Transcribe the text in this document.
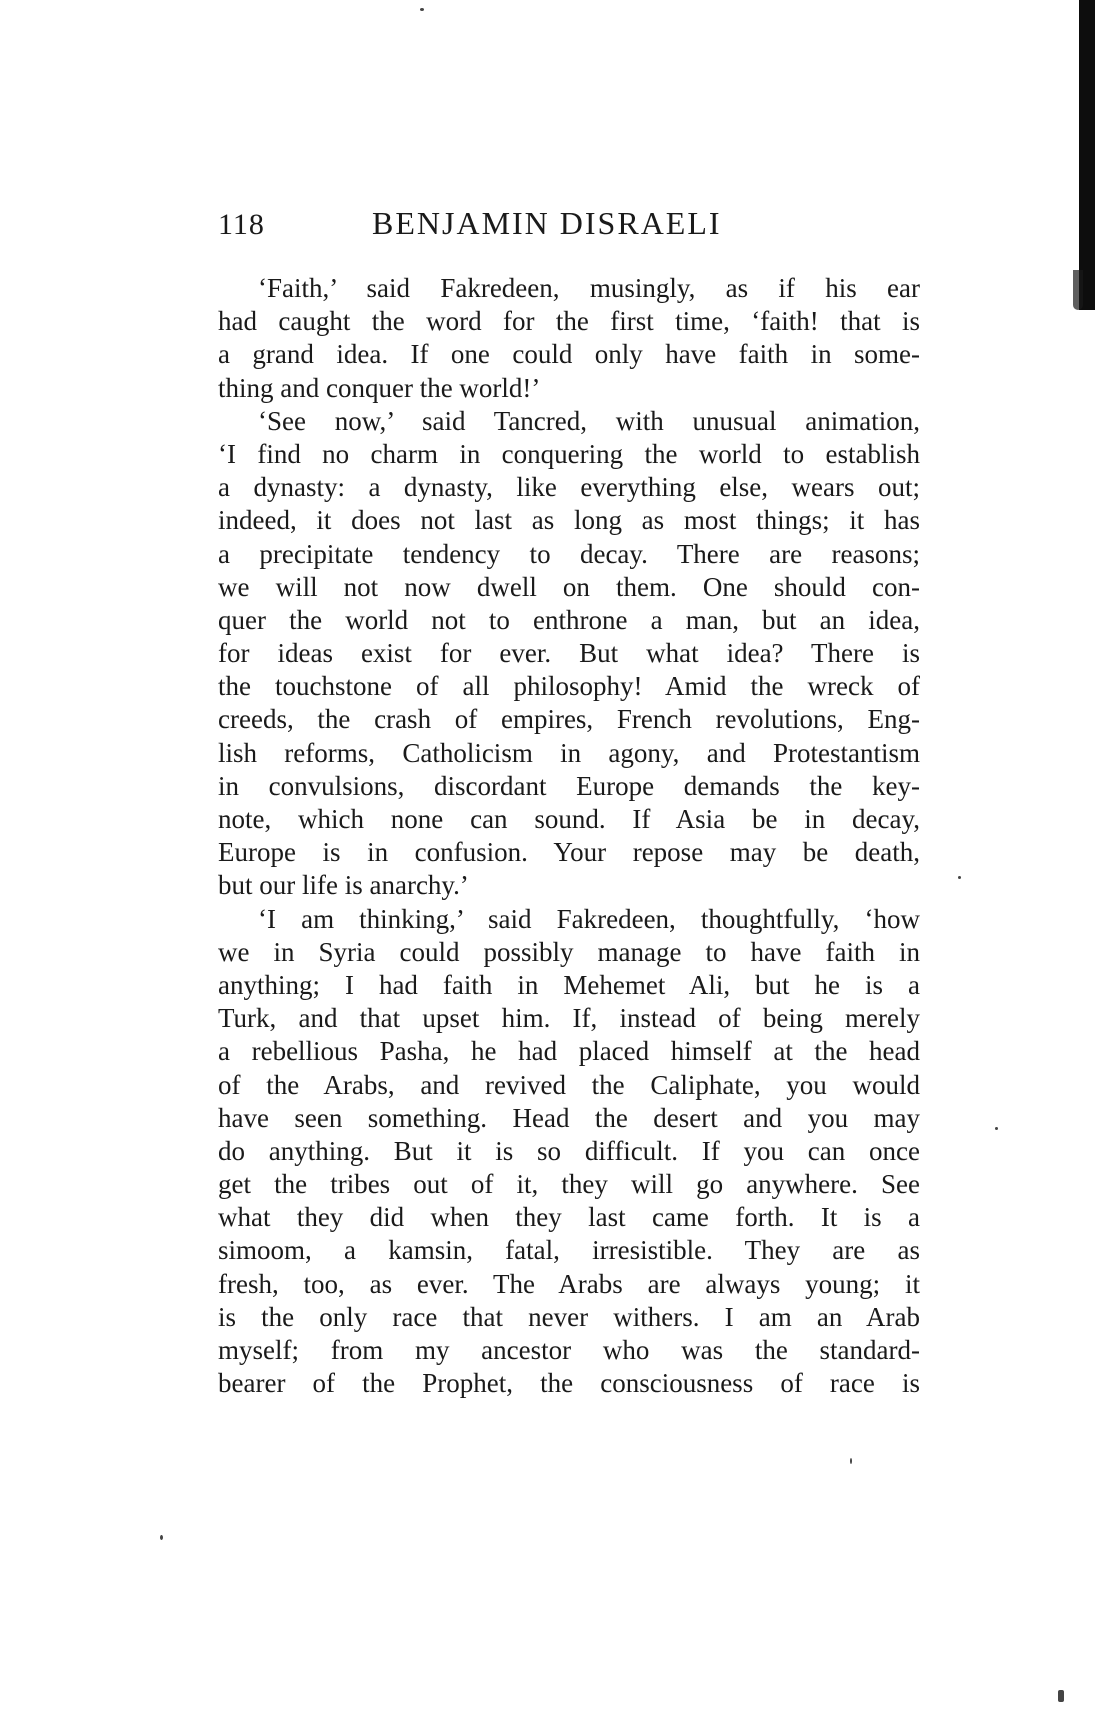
118	BENJAMIN DISRAELI
‘Faith,’ said Fakredeen, musingly, as if his ear
had caught the word for the first time, ‘faith! that is
a grand idea. If one could only have faith in some-
thing and conquer the world!’
‘See now,’ said Tancred, with unusual animation,
‘I find no charm in conquering the world to establish
a dynasty: a dynasty, like everything else, wears out;
indeed, it does not last as long as most things; it has
a precipitate tendency to decay. There are reasons;
we will not now dwell on them. One should con-
quer the world not to enthrone a man, but an idea,
for ideas exist for ever. But what idea? There is
the touchstone of all philosophy! Amid the wreck of
creeds, the crash of empires, French revolutions, Eng-
lish reforms, Catholicism in agony, and Protestantism
in convulsions, discordant Europe demands the key-
note, which none can sound. If Asia be in decay,
Europe is in confusion. Your repose may be death,
but our life is anarchy.’
‘I am thinking,’ said Fakredeen, thoughtfully, ‘how
we in Syria could possibly manage to have faith in
anything; I had faith in Mehemet Ali, but he is a
Turk, and that upset him. If, instead of being merely
a rebellious Pasha, he had placed himself at the head
of the Arabs, and revived the Caliphate, you would
have seen something. Head the desert and you may
do anything. But it is so difficult. If you can once
get the tribes out of it, they will go anywhere. See
what they did when they last came forth. It is a
simoom, a kamsin, fatal, irresistible. They are as
fresh, too, as ever. The Arabs are always young; it
is the only race that never withers. I am an Arab
myself; from my ancestor who was the standard-
bearer of the Prophet, the consciousness of race is
